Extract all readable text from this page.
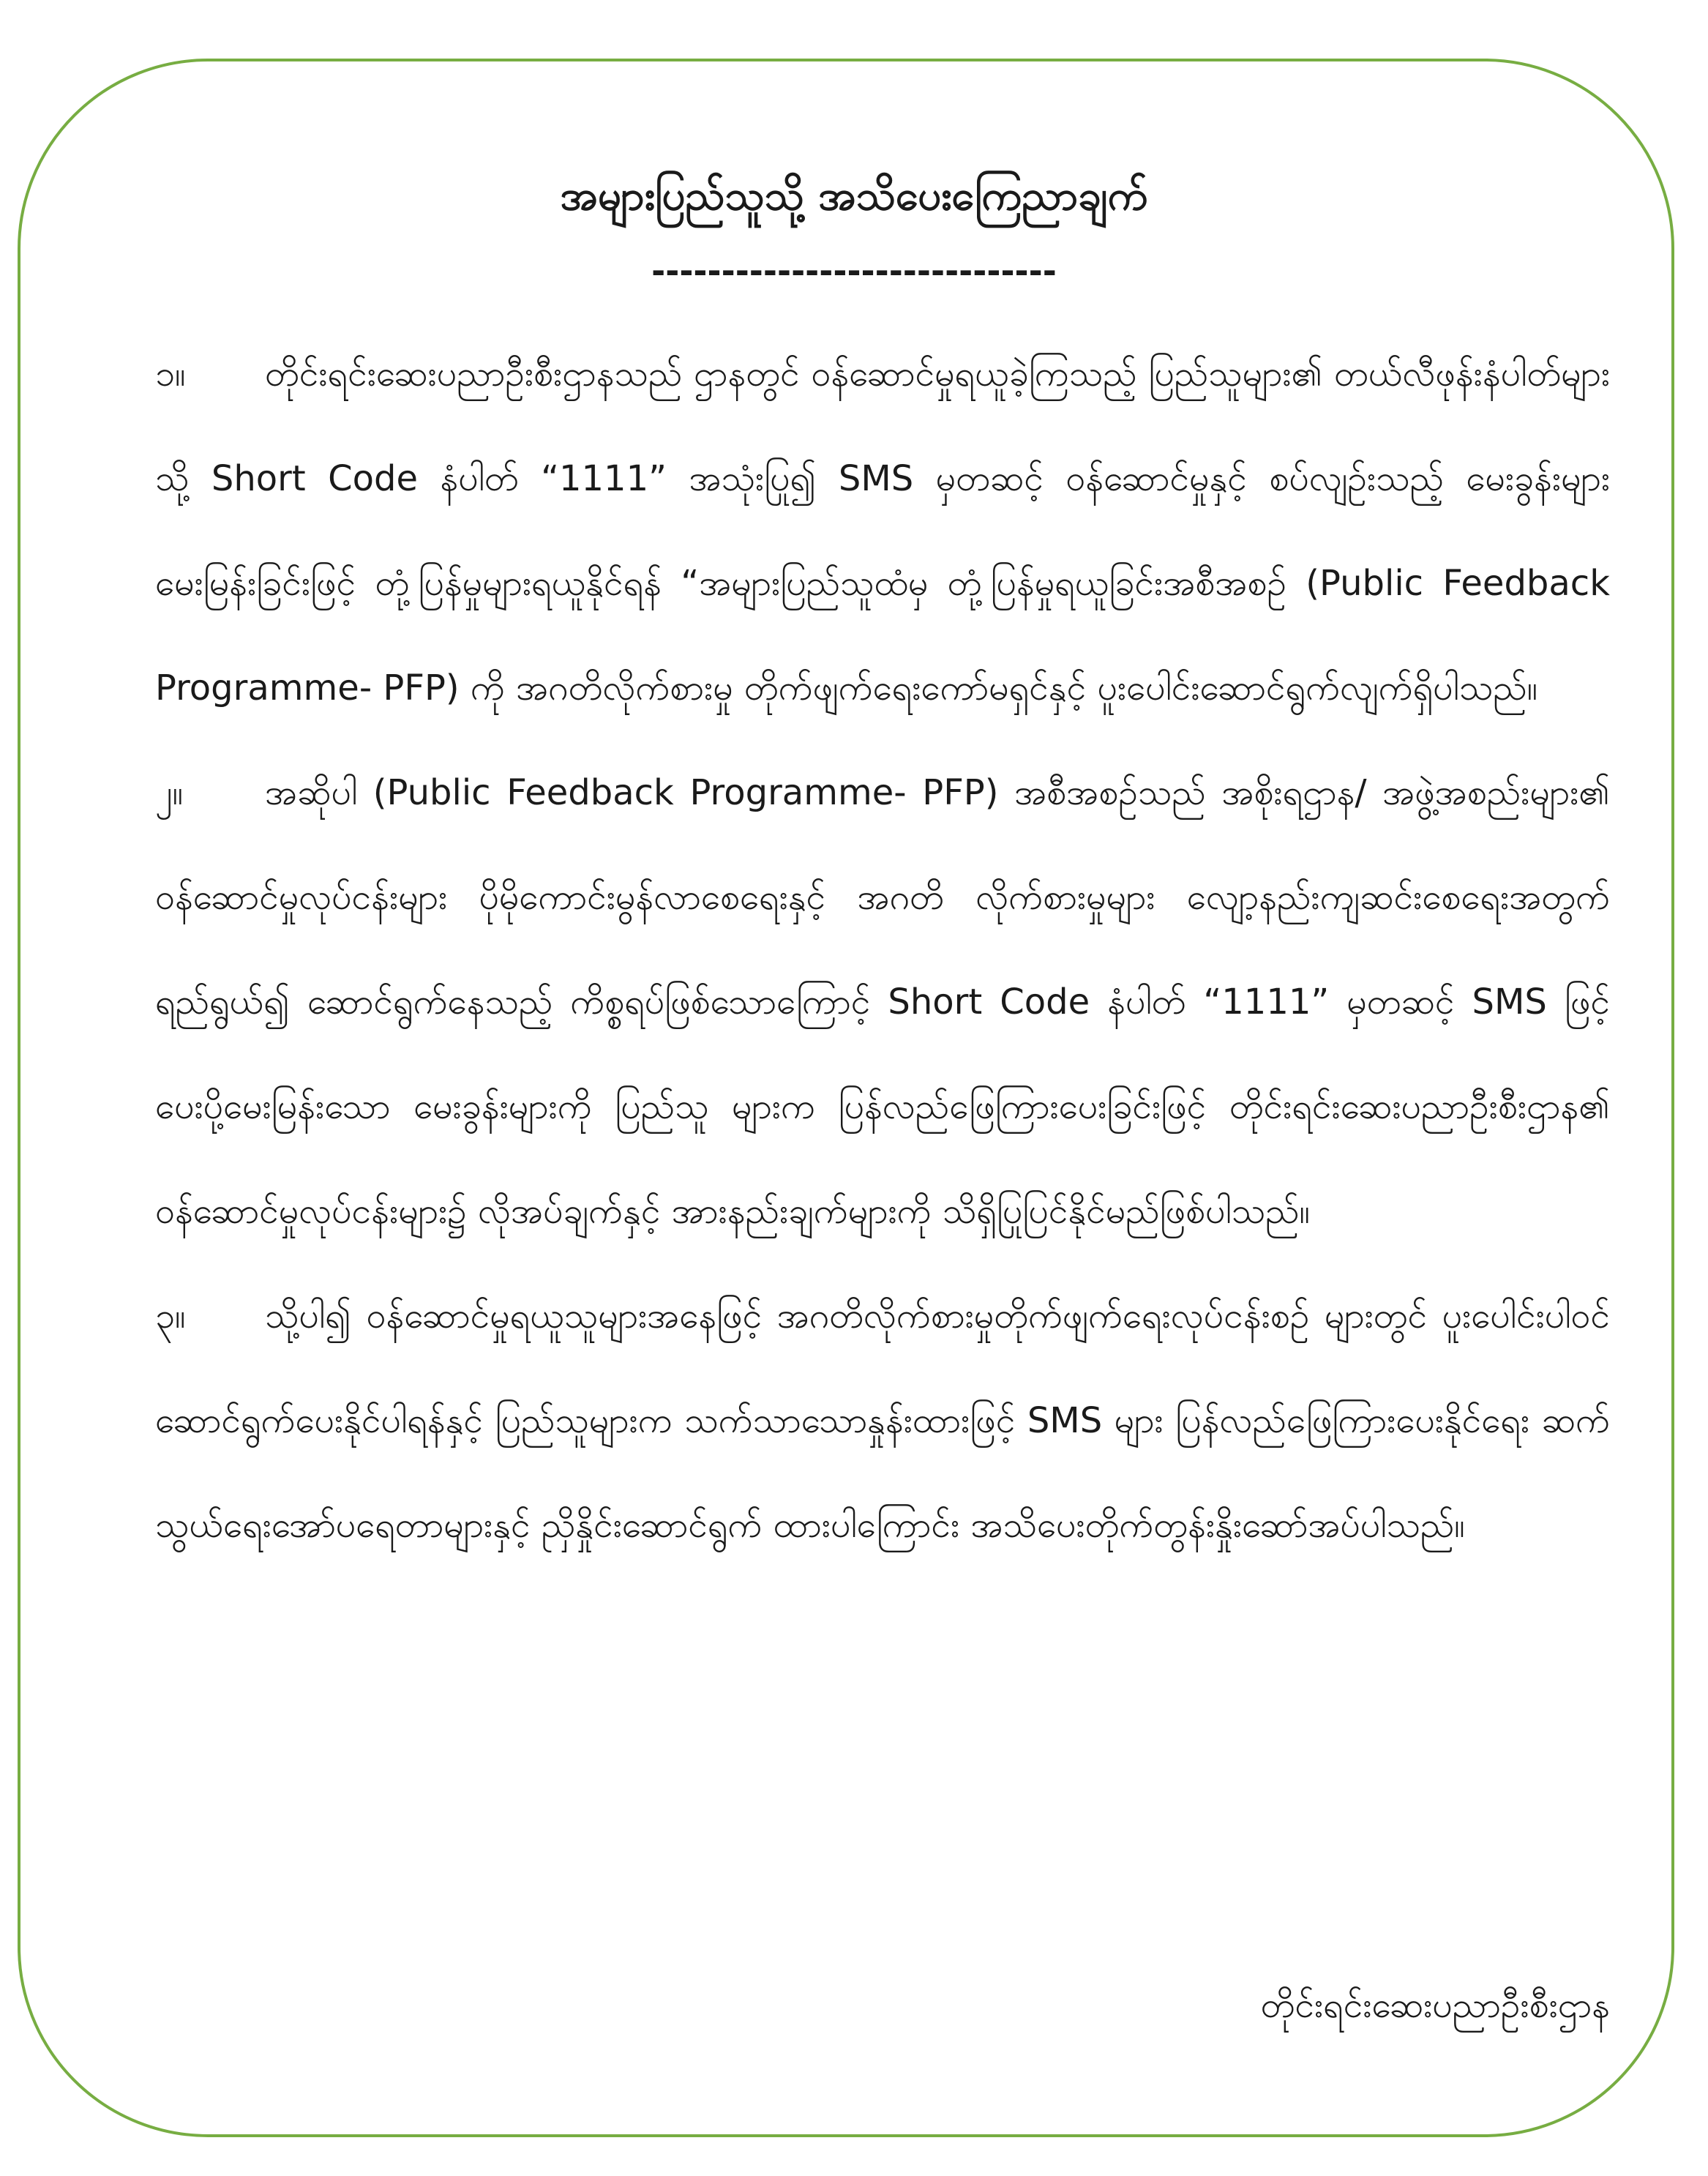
အများပြည်သူသို့ အသိပေးကြေညာချက်
-----------------------------

၁။ တိုင်းရင်းဆေးပညာဦးစီးဌာနသည် ဌာနတွင် ဝန်ဆောင်မှုရယူခဲ့ကြသည့် ပြည်သူများ၏ တယ်လီဖုန်းနံပါတ်များသို့ Short Code နံပါတ် “1111” အသုံးပြု၍ SMS မှတဆင့် ဝန်ဆောင်မှုနှင့် စပ်လျဉ်းသည့် မေးခွန်းများ မေးမြန်းခြင်းဖြင့် တုံ့ပြန်မှုများရယူနိုင်ရန် “အများပြည်သူထံမှ တုံ့ပြန်မှုရယူခြင်းအစီအစဉ် (Public Feedback Programme- PFP) ကို အဂတိလိုက်စားမှု တိုက်ဖျက်ရေးကော်မရှင်နှင့် ပူးပေါင်းဆောင်ရွက်လျက်ရှိပါသည်။

၂။ အဆိုပါ (Public Feedback Programme- PFP) အစီအစဉ်သည် အစိုးရဌာန/ အဖွဲ့အစည်းများ၏ ဝန်ဆောင်မှုလုပ်ငန်းများ ပိုမိုကောင်းမွန်လာစေရေးနှင့် အဂတိ လိုက်စားမှုများ လျော့နည်းကျဆင်းစေရေးအတွက် ရည်ရွယ်၍ ဆောင်ရွက်နေသည့် ကိစ္စရပ်ဖြစ်သောကြောင့် Short Code နံပါတ် “1111” မှတဆင့် SMS ဖြင့် ပေးပို့မေးမြန်းသော မေးခွန်းများကို ပြည်သူ များက ပြန်လည်ဖြေကြားပေးခြင်းဖြင့် တိုင်းရင်းဆေးပညာဦးစီးဌာန၏ ဝန်ဆောင်မှုလုပ်ငန်းများ၌ လိုအပ်ချက်နှင့် အားနည်းချက်များကို သိရှိပြုပြင်နိုင်မည်ဖြစ်ပါသည်။

၃။ သို့ပါ၍ ဝန်ဆောင်မှုရယူသူများအနေဖြင့် အဂတိလိုက်စားမှုတိုက်ဖျက်ရေးလုပ်ငန်းစဉ် များတွင် ပူးပေါင်းပါဝင် ဆောင်ရွက်ပေးနိုင်ပါရန်နှင့် ပြည်သူများက သက်သာသောနှုန်းထားဖြင့် SMS များ ပြန်လည်ဖြေကြားပေးနိုင်ရေး ဆက်သွယ်ရေးအော်ပရေတာများနှင့် ညှိနှိုင်းဆောင်ရွက် ထားပါကြောင်း အသိပေးတိုက်တွန်းနှိုးဆော်အပ်ပါသည်။

တိုင်းရင်းဆေးပညာဦးစီးဌာန
